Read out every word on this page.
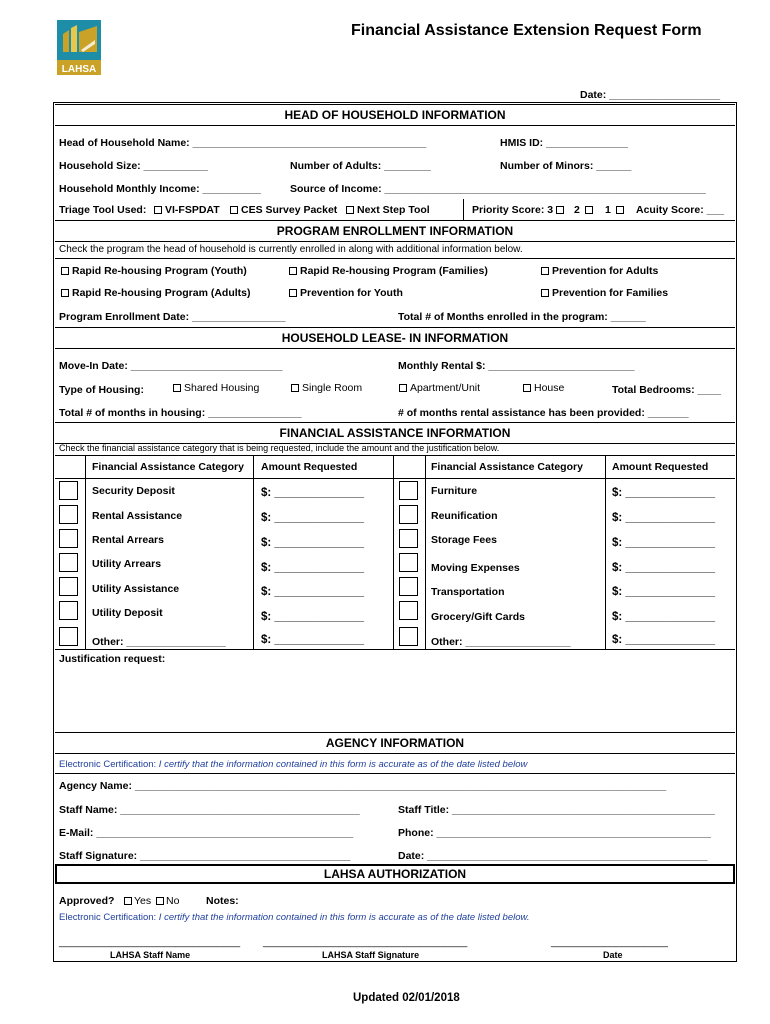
LAHSA
Financial Assistance Extension Request Form
Date: ___________________
HEAD OF HOUSEHOLD INFORMATION
Head of Household Name: ________________________________________	HMIS ID: ______________
Household Size: ___________	Number of Adults: ________	Number of Minors: ______
Household Monthly Income: __________	Source of Income: _______________________________________________________
Triage Tool Used:	VI-FSPDAT	CES Survey Packet	Next Step Tool	Priority Score: 3 2 1 Acuity Score: ___
PROGRAM ENROLLMENT INFORMATION
Check the program the head of household is currently enrolled in along with additional information below.
Rapid Re-housing Program (Youth)	Rapid Re-housing Program (Families)	Prevention for Adults
Rapid Re-housing Program (Adults)	Prevention for Youth	Prevention for Families
Program Enrollment Date: ________________	Total # of Months enrolled in the program: ______
HOUSEHOLD LEASE- IN INFORMATION
Move-In Date: __________________________	Monthly Rental $: _________________________
Type of Housing:	Shared Housing	Single Room	Apartment/Unit	House	Total Bedrooms: ____
Total # of months in housing: ________________	# of months rental assistance has been provided: _______
FINANCIAL ASSISTANCE INFORMATION
Check the financial assistance category that is being requested, include the amount and the justification below.
Financial Assistance Category Amount Requested	Financial Assistance Category	Amount Requested
Security Deposit	$: ______________
Rental Assistance	$: ______________
Rental Arrears	$: ______________
Utility Arrears	$: ______________
Utility Assistance	$: ______________
Utility Deposit	$: ______________
Other: _________________	$: ______________
Furniture	$: ______________
Reunification	$: ______________
Storage Fees	$: ______________
Moving Expenses	$: ______________
Transportation	$: ______________
Grocery/Gift Cards	$: ______________
Other: __________________	$: ______________
Justification request:
AGENCY INFORMATION
Electronic Certification: I certify that the information contained in this form is accurate as of the date listed below
Agency Name: ___________________________________________________________________________________________
Staff Name: _________________________________________	Staff Title: _____________________________________________
E-Mail: ____________________________________________	Phone: _______________________________________________
Staff Signature: ____________________________________	Date: ________________________________________________
LAHSA AUTHORIZATION
Approved? Yes No	Notes:
Electronic Certification: I certify that the information contained in this form is accurate as of the date listed below.
_______________________________ ___________________________________	____________________
LAHSA Staff Name	LAHSA Staff Signature	Date
Updated 02/01/2018
